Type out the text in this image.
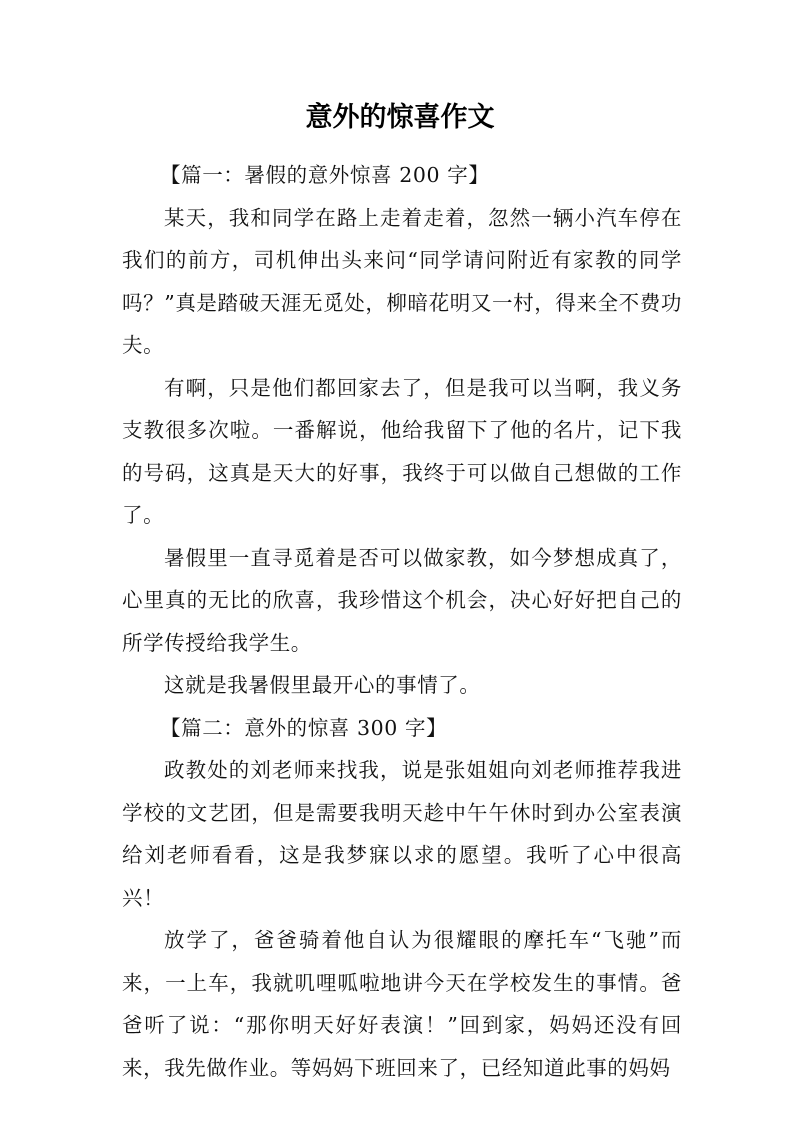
意外的惊喜作文

【篇一：暑假的意外惊喜 200 字】

某天，我和同学在路上走着走着，忽然一辆小汽车停在我们的前方，司机伸出头来问“同学请问附近有家教的同学吗？”真是踏破天涯无觅处，柳暗花明又一村，得来全不费功夫。

有啊，只是他们都回家去了，但是我可以当啊，我义务支教很多次啦。一番解说，他给我留下了他的名片，记下我的号码，这真是天大的好事，我终于可以做自己想做的工作了。

暑假里一直寻觅着是否可以做家教，如今梦想成真了，心里真的无比的欣喜，我珍惜这个机会，决心好好把自己的所学传授给我学生。

这就是我暑假里最开心的事情了。

【篇二：意外的惊喜 300 字】

政教处的刘老师来找我，说是张姐姐向刘老师推荐我进学校的文艺团，但是需要我明天趁中午午休时到办公室表演给刘老师看看，这是我梦寐以求的愿望。我听了心中很高兴！

放学了，爸爸骑着他自认为很耀眼的摩托车“飞驰”而来，一上车，我就叽哩呱啦地讲今天在学校发生的事情。爸爸听了说：“那你明天好好表演！”回到家，妈妈还没有回来，我先做作业。等妈妈下班回来了，已经知道此事的妈妈
